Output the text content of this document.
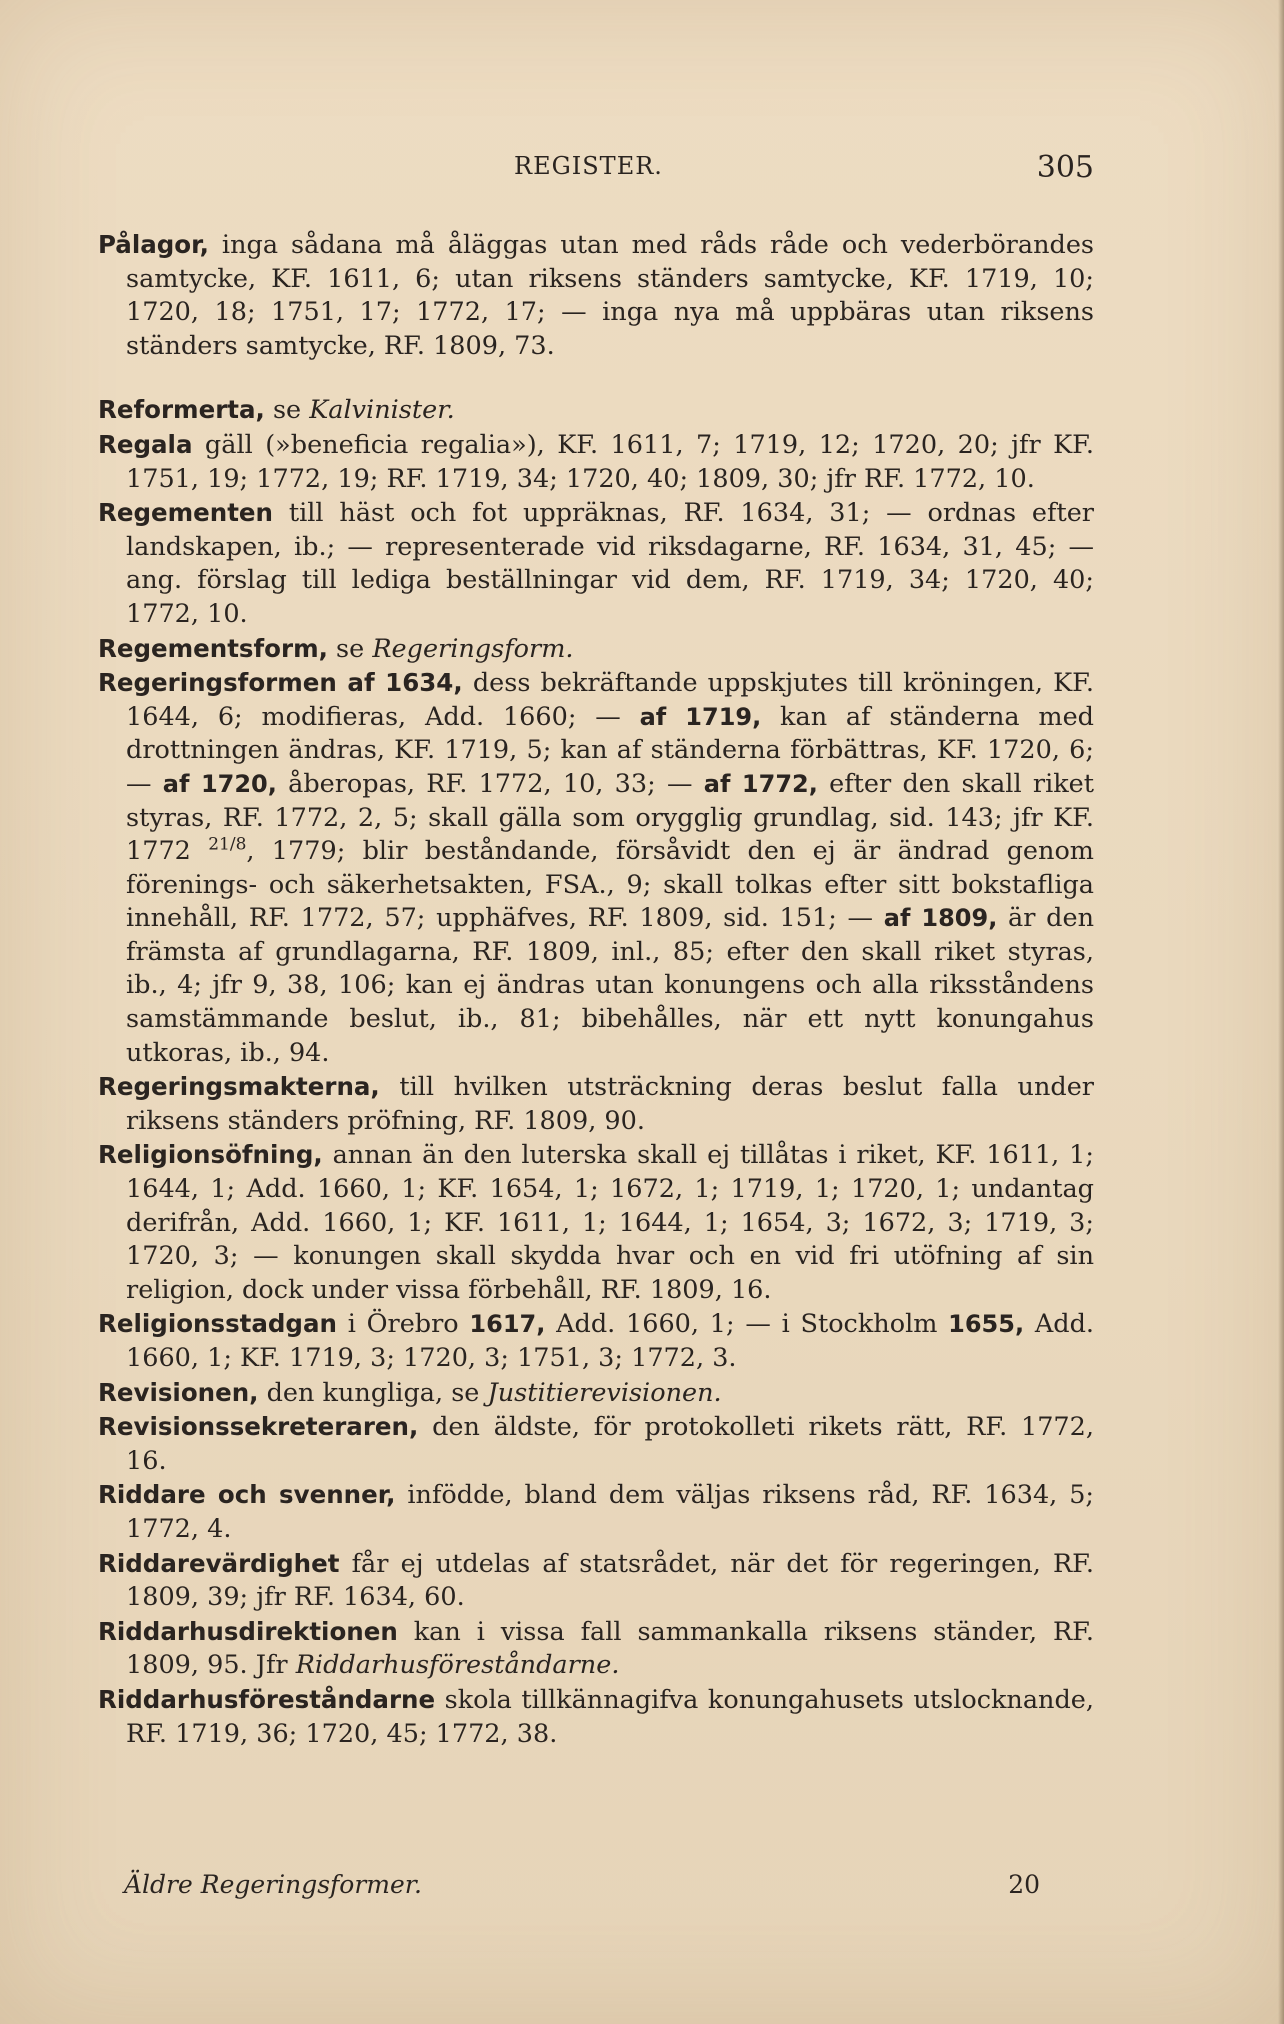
REGISTER.	305

Pålagor, inga sådana må åläggas utan med råds råde och vederbörandes samtycke, KF. 1611, 6; utan riksens ständers samtycke, KF. 1719, 10; 1720, 18; 1751, 17; 1772, 17; — inga nya må uppbäras utan riksens ständers samtycke, RF. 1809, 73.

Reformerta, se Kalvinister.

Regala gäll (»beneficia regalia»), KF. 1611, 7; 1719, 12; 1720, 20; jfr KF. 1751, 19; 1772, 19; RF. 1719, 34; 1720, 40; 1809, 30; jfr RF. 1772, 10.

Regementen till häst och fot uppräknas, RF. 1634, 31; — ordnas efter landskapen, ib.; — representerade vid riksdagarne, RF. 1634, 31, 45; — ang. förslag till lediga beställningar vid dem, RF. 1719, 34; 1720, 40; 1772, 10.

Regementsform, se Regeringsform.

Regeringsformen af 1634, dess bekräftande uppskjutes till kröningen, KF. 1644, 6; modifieras, Add. 1660; — af 1719, kan af ständerna med drottningen ändras, KF. 1719, 5; kan af ständerna förbättras, KF. 1720, 6; — af 1720, åberopas, RF. 1772, 10, 33; — af 1772, efter den skall riket styras, RF. 1772, 2, 5; skall gälla som orygglig grundlag, sid. 143; jfr KF. 1772 $^{21/8}$, 1779; blir beståndande, försåvidt den ej är ändrad genom förenings- och säkerhetsakten, FSA., 9; skall tolkas efter sitt bokstafliga innehåll, RF. 1772, 57; upphäfves, RF. 1809, sid. 151; — af 1809, är den främsta af grundlagarna, RF. 1809, inl., 85; efter den skall riket styras, ib., 4; jfr 9, 38, 106; kan ej ändras utan konungens och alla riksståndens samstämmande beslut, ib., 81; bibehålles, när ett nytt konungahus utkoras, ib., 94.

Regeringsmakterna, till hvilken utsträckning deras beslut falla under riksens ständers pröfning, RF. 1809, 90.

Religionsöfning, annan än den luterska skall ej tillåtas i riket, KF. 1611, 1; 1644, 1; Add. 1660, 1; KF. 1654, 1; 1672, 1; 1719, 1; 1720, 1; undantag derifrån, Add. 1660, 1; KF. 1611, 1; 1644, 1; 1654, 3; 1672, 3; 1719, 3; 1720, 3; — konungen skall skydda hvar och en vid fri utöfning af sin religion, dock under vissa förbehåll, RF. 1809, 16.

Religionsstadgan i Örebro 1617, Add. 1660, 1; — i Stockholm 1655, Add. 1660, 1; KF. 1719, 3; 1720, 3; 1751, 3; 1772, 3.

Revisionen, den kungliga, se Justitierevisionen.

Revisionssekreteraren, den äldste, för protokolleti rikets rätt, RF. 1772, 16.

Riddare och svenner, infödde, bland dem väljas riksens råd, RF. 1634, 5; 1772, 4.

Riddarevärdighet får ej utdelas af statsrådet, när det för regeringen, RF. 1809, 39; jfr RF. 1634, 60.

Riddarhusdirektionen kan i vissa fall sammankalla riksens ständer, RF. 1809, 95. Jfr Riddarhusföreståndarne.

Riddarhusföreståndarne skola tillkännagifva konungahusets utslocknande, RF. 1719, 36; 1720, 45; 1772, 38.

Äldre Regeringsformer.	20
